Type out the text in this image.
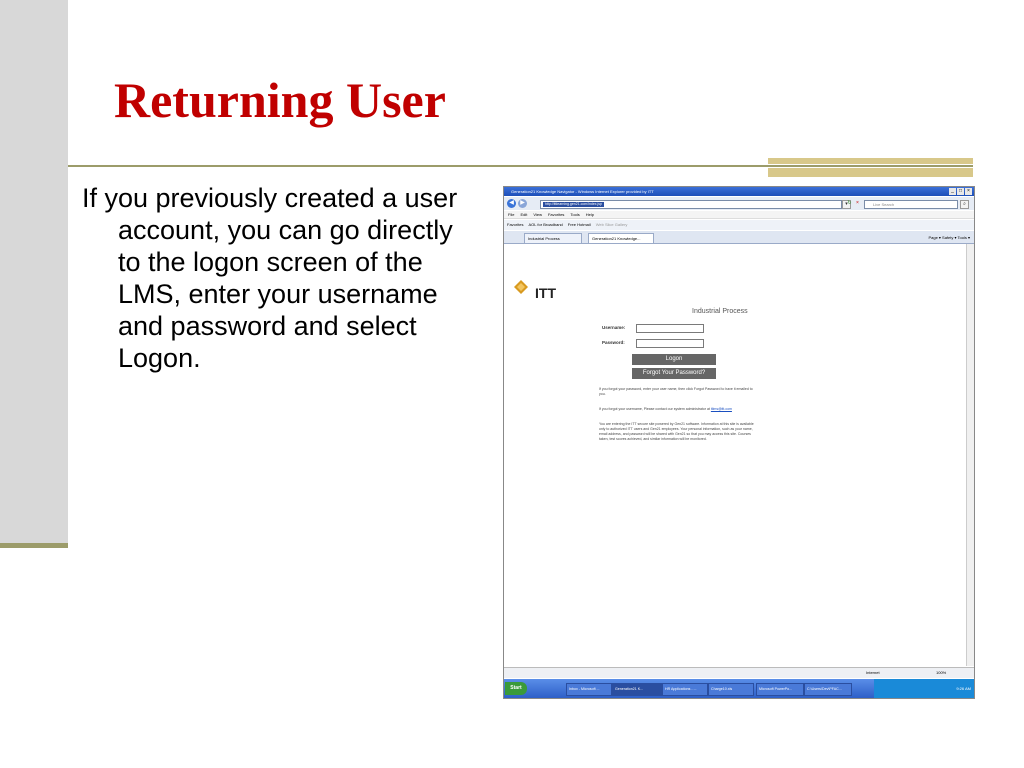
Returning User

If you previously created a user account, you can go directly to the logon screen of the LMS, enter your username and password and select Logon.

Generation21 Knowledge Navigator - Windows Internet Explorer provided by ITT	_	□	×
◀	▶	http://ittlearning.gen21.com/index.jsp	▾ ↻ ×	Live Search	⌕
File Edit View Favorites Tools Help
Favorites AOL for Broadband Free Hotmail Web Slice Gallery
Industrial Process	Generation21 Knowledge...	Page ▾ Safety ▾ Tools ▾
ITT
Industrial Process
Username:
Password:
Logon
Forgot Your Password?
If you forgot your password, enter your user name, then click Forgot Password to have it emailed to you.
If you forgot your username, Please contact our system administrator at itlms@itt.com
You are entering the ITT secure site powered by Gen21 software. Information at this site is available only to authorized ITT users and Gen21 employees. Your personal information, such as your name, email address, and password will be shared with Gen21 so that you may access this site. Courses taken, test scores achieved, and similar information will be monitored.
Internet	100%
Start	Inbox - Microsoft ...	Generation21 K...	HR Applications - ...	Charge10.xls	Microsoft PowerPo...	C:\Users\Dev\PFAC...	9:26 AM
